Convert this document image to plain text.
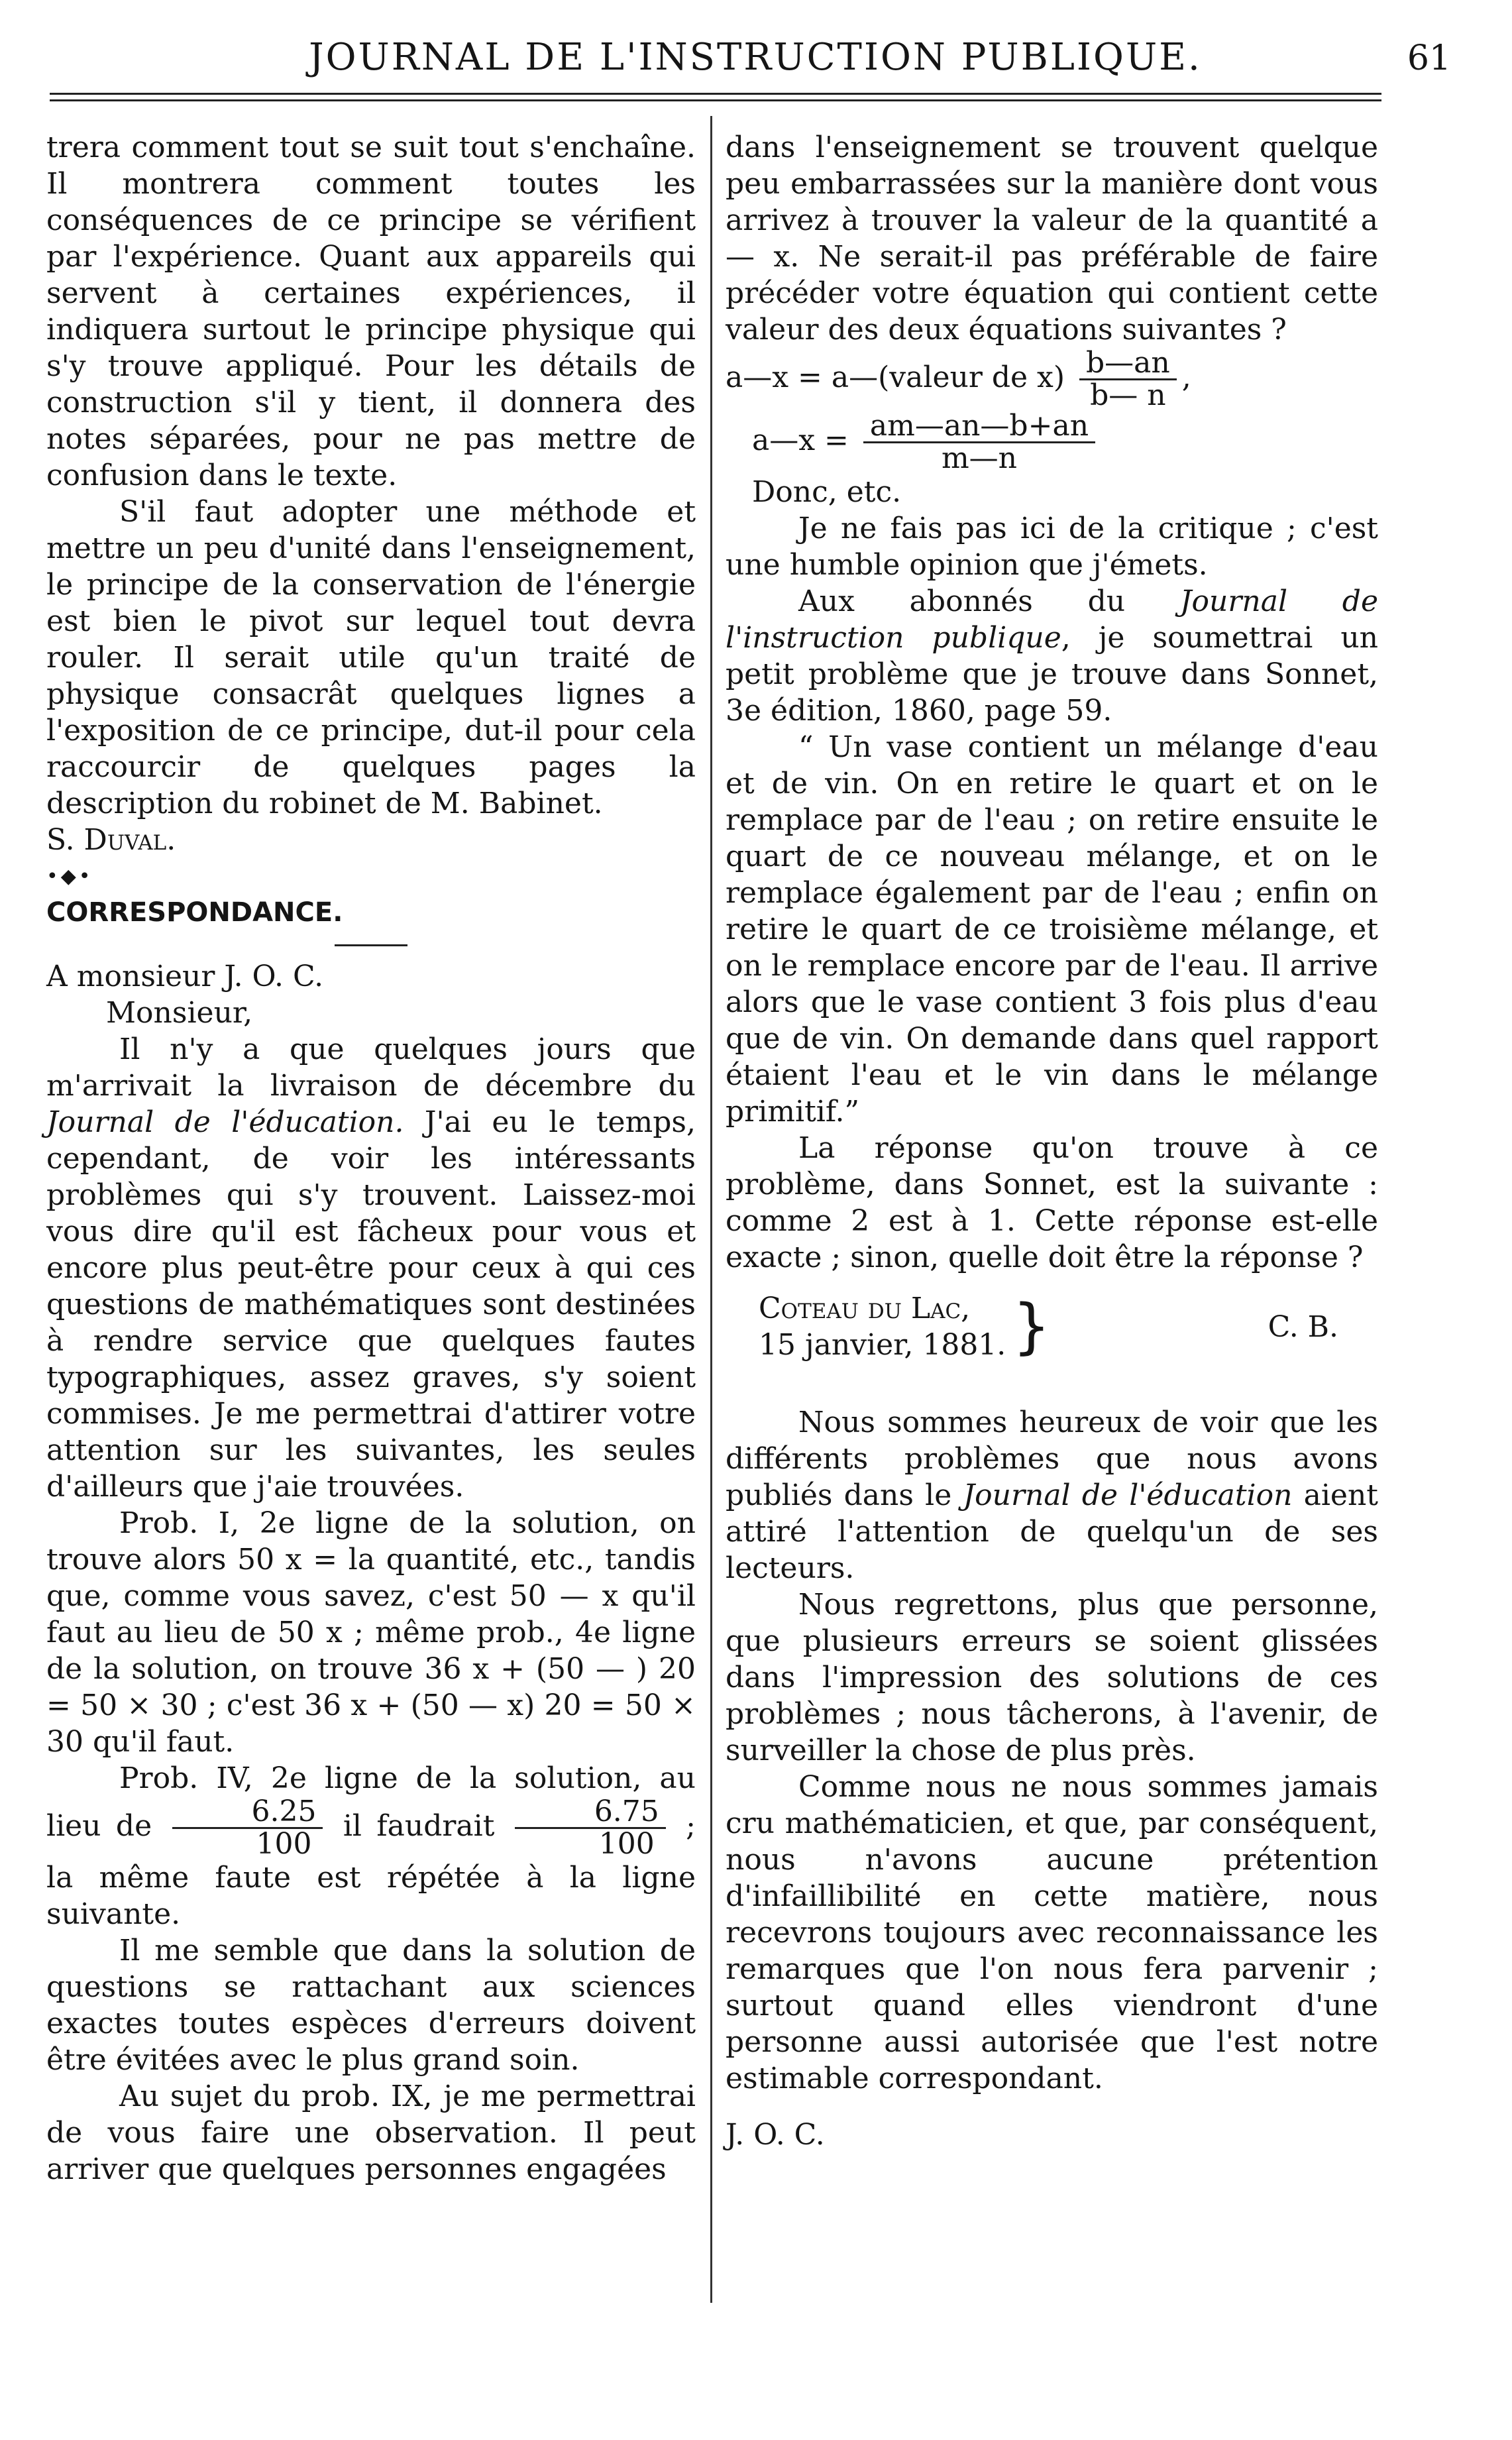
JOURNAL DE L'INSTRUCTION PUBLIQUE.	61

trera comment tout se suit tout s'enchaîne. Il montrera comment toutes les conséquences de ce principe se vérifient par l'expérience. Quant aux appareils qui servent à certaines expériences, il indiquera surtout le principe physique qui s'y trouve appliqué. Pour les détails de construction s'il y tient, il donnera des notes séparées, pour ne pas mettre de confusion dans le texte.

S'il faut adopter une méthode et mettre un peu d'unité dans l'enseignement, le principe de la conservation de l'énergie est bien le pivot sur lequel tout devra rouler. Il serait utile qu'un traité de physique consacrât quelques lignes a l'exposition de ce principe, dut-il pour cela raccourcir de quelques pages la description du robinet de M. Babinet.

S. Duval.

•◆•

CORRESPONDANCE.

A monsieur J. O. C.

Monsieur,

Il n'y a que quelques jours que m'arrivait la livraison de décembre du Journal de l'éducation. J'ai eu le temps, cependant, de voir les intéressants problèmes qui s'y trouvent. Laissez-moi vous dire qu'il est fâcheux pour vous et encore plus peut-être pour ceux à qui ces questions de mathématiques sont destinées à rendre service que quelques fautes typographiques, assez graves, s'y soient commises. Je me permettrai d'attirer votre attention sur les suivantes, les seules d'ailleurs que j'aie trouvées.

Prob. I, 2e ligne de la solution, on trouve alors 50 x = la quantité, etc., tandis que, comme vous savez, c'est 50 — x qu'il faut au lieu de 50 x ; même prob., 4e ligne de la solution, on trouve 36 x + (50 — ) 20 = 50 × 30 ; c'est 36 x + (50 — x) 20 = 50 × 30 qu'il faut.

Prob. IV, 2e ligne de la solution, au lieu de $\frac{6.25}{100}$ il faudrait $\frac{6.75}{100}$ ; la même faute est répétée à la ligne suivante.

Il me semble que dans la solution de questions se rattachant aux sciences exactes toutes espèces d'erreurs doivent être évitées avec le plus grand soin.

Au sujet du prob. IX, je me permettrai de vous faire une observation. Il peut arriver que quelques personnes engagées

dans l'enseignement se trouvent quelque peu embarrassées sur la manière dont vous arrivez à trouver la valeur de la quantité a — x. Ne serait-il pas préférable de faire précéder votre équation qui contient cette valeur des deux équations suivantes ?

a—x = a—(valeur de $x) \frac{b—an}{b— n}$ ,

a—x = $\frac{am—an—b+an}{m—n}$

Donc, etc.

Je ne fais pas ici de la critique ; c'est une humble opinion que j'émets.

Aux abonnés du Journal de l'instruction publique, je soumettrai un petit problème que je trouve dans Sonnet, 3e édition, 1860, page 59.

“ Un vase contient un mélange d'eau et de vin. On en retire le quart et on le remplace par de l'eau ; on retire ensuite le quart de ce nouveau mélange, et on le remplace également par de l'eau ; enfin on retire le quart de ce troisième mélange, et on le remplace encore par de l'eau. Il arrive alors que le vase contient 3 fois plus d'eau que de vin. On demande dans quel rapport étaient l'eau et le vin dans le mélange primitif.”

La réponse qu'on trouve à ce problème, dans Sonnet, est la suivante : comme 2 est à 1. Cette réponse est-elle exacte ; sinon, quelle doit être la réponse ?

Coteau du Lac,
15 janvier, 1881. }	C. B.

Nous sommes heureux de voir que les différents problèmes que nous avons publiés dans le Journal de l'éducation aient attiré l'attention de quelqu'un de ses lecteurs.

Nous regrettons, plus que personne, que plusieurs erreurs se soient glissées dans l'impression des solutions de ces problèmes ; nous tâcherons, à l'avenir, de surveiller la chose de plus près.

Comme nous ne nous sommes jamais cru mathématicien, et que, par conséquent, nous n'avons aucune prétention d'infaillibilité en cette matière, nous recevrons toujours avec reconnaissance les remarques que l'on nous fera parvenir ; surtout quand elles viendront d'une personne aussi autorisée que l'est notre estimable correspondant.

J. O. C.
